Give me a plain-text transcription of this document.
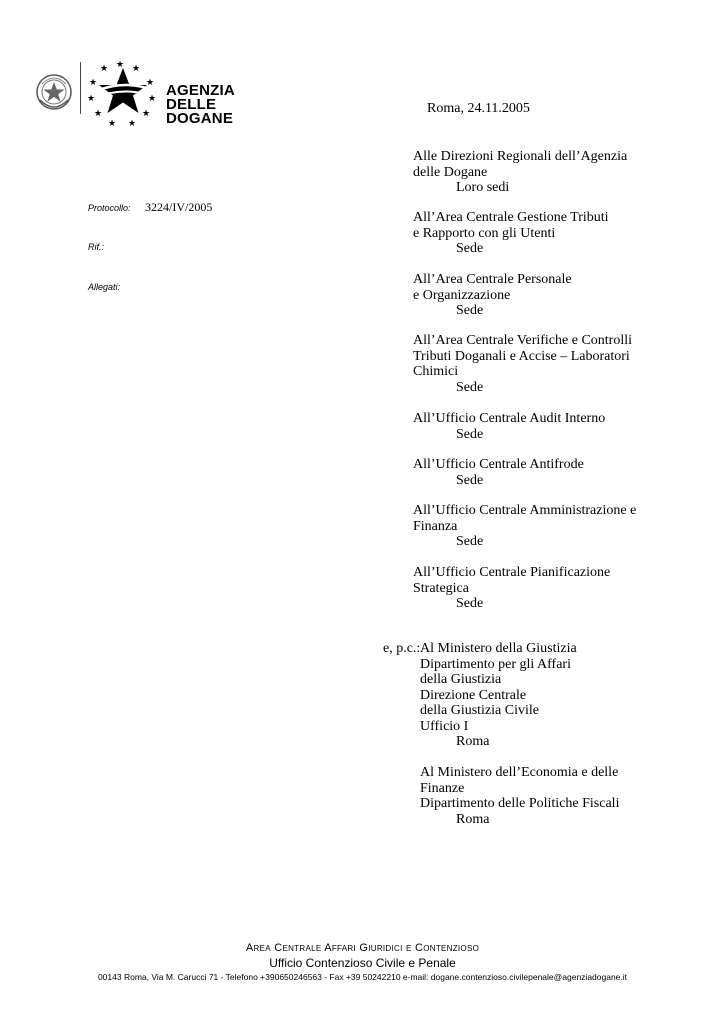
★ ★ ★
★	★
★	★
★	★
★ ★
AGENZIA
DELLE
DOGANE
Roma, 24.11.2005
Protocollo: 3224/IV/2005
Rif.:
Allegati:
Alle Direzioni Regionali dell’Agenzia
delle Dogane
Loro sedi
All’Area Centrale Gestione Tributi
e Rapporto con gli Utenti
Sede
All’Area Centrale Personale
e Organizzazione
Sede
All’Area Centrale Verifiche e Controlli
Tributi Doganali e Accise – Laboratori
Chimici
Sede
All’Ufficio Centrale Audit Interno
Sede
All’Ufficio Centrale Antifrode
Sede
All’Ufficio Centrale Amministrazione e
Finanza
Sede
All’Ufficio Centrale Pianificazione
Strategica
Sede
e, p.c.: Al Ministero della Giustizia
Dipartimento per gli Affari
della Giustizia
Direzione Centrale
della Giustizia Civile
Ufficio I
Roma
Al Ministero dell’Economia e delle
Finanze
Dipartimento delle Politiche Fiscali
Roma
Area Centrale Affari Giuridici e Contenzioso
Ufficio Contenzioso Civile e Penale
00143 Roma, Via M. Carucci 71 - Telefono +390650246563 - Fax +39 50242210 e-mail: dogane.contenzioso.civilepenale@agenziadogane.it
